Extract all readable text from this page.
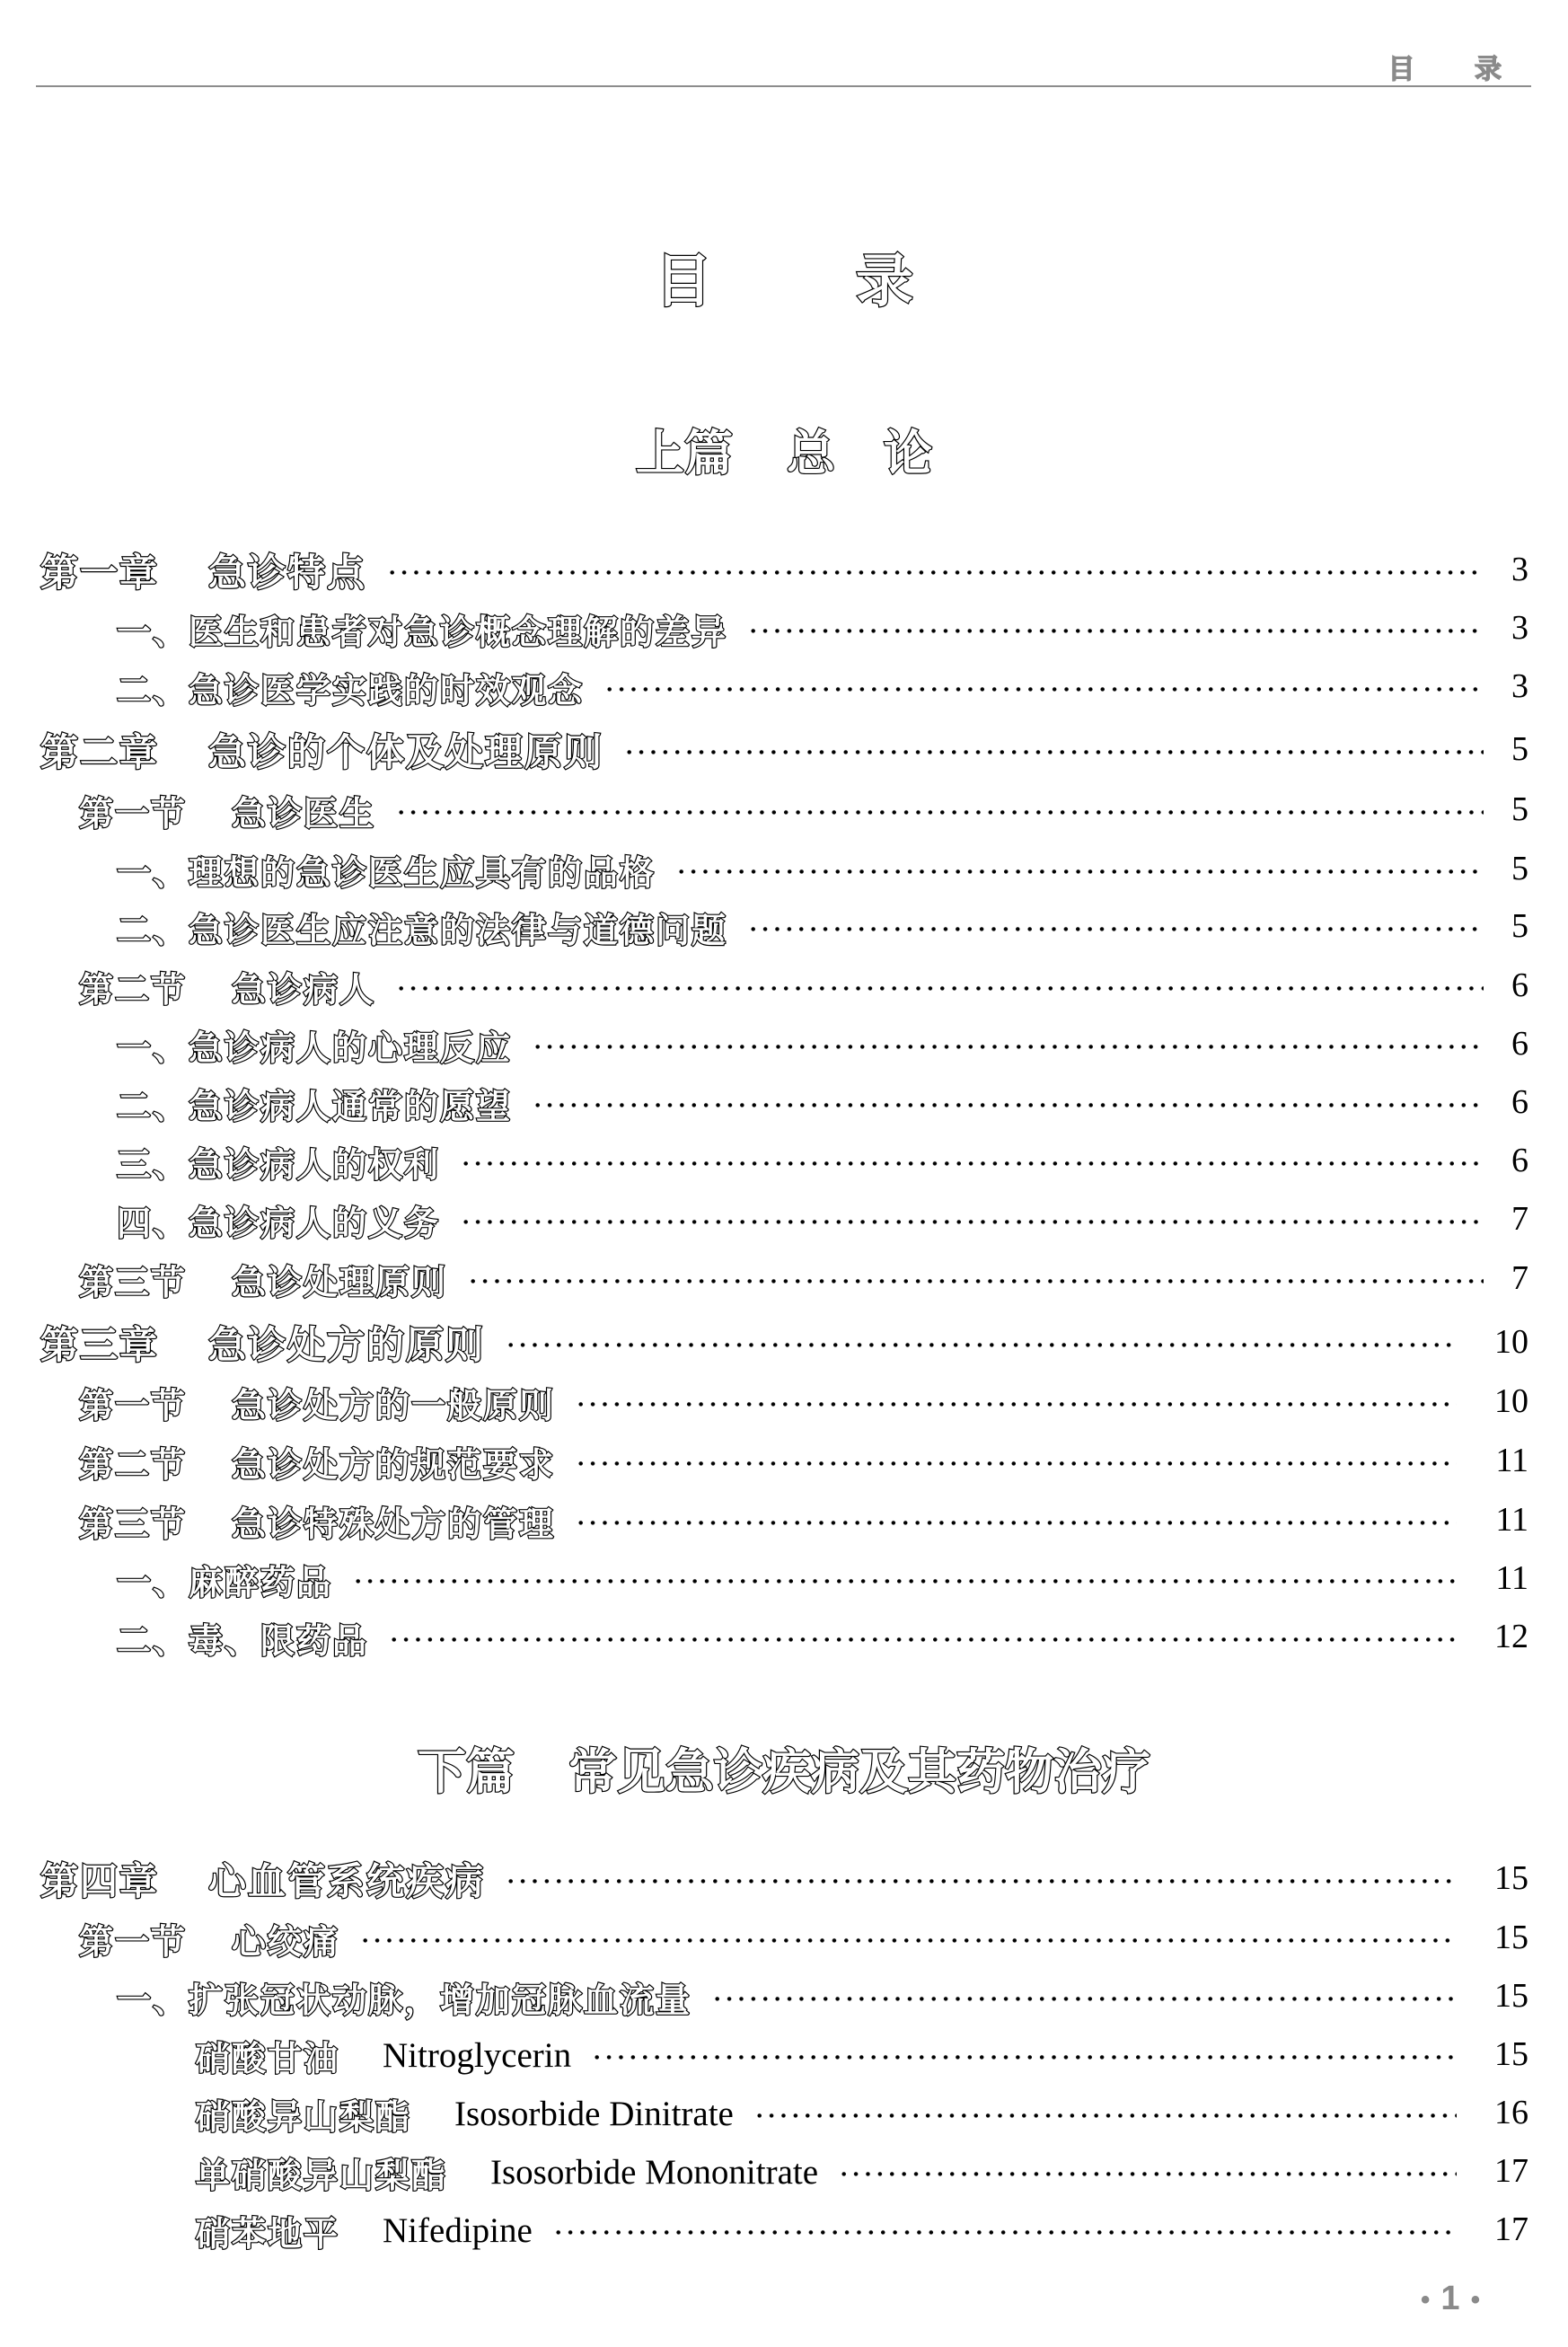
目 录
目	录
上篇 总　论
下篇 常见急诊疾病及其药物治疗
第一章 急诊特点	3
一、 医生和患者对急诊概念理解的差异	3
二、 急诊医学实践的时效观念	3
第二章 急诊的个体及处理原则	5
第一节 急诊医生	5
一、 理想的急诊医生应具有的品格	5
二、 急诊医生应注意的法律与道德问题	5
第二节 急诊病人	6
一、 急诊病人的心理反应	6
二、 急诊病人通常的愿望	6
三、 急诊病人的权利	6
四、 急诊病人的义务	7
第三节 急诊处理原则	7
第三章 急诊处方的原则	10
第一节 急诊处方的一般原则	10
第二节 急诊处方的规范要求	11
第三节 急诊特殊处方的管理	11
一、 麻醉药品	11
二、 毒、限药品	12
第四章 心血管系统疾病	15
第一节 心绞痛	15
一、 扩张冠状动脉，增加冠脉血流量	15
硝酸甘油 Nitroglycerin	15
硝酸异山梨酯 Isosorbide Dinitrate	16
单硝酸异山梨酯 Isosorbide Mononitrate	17
硝苯地平 Nifedipine	17
• 1 •
